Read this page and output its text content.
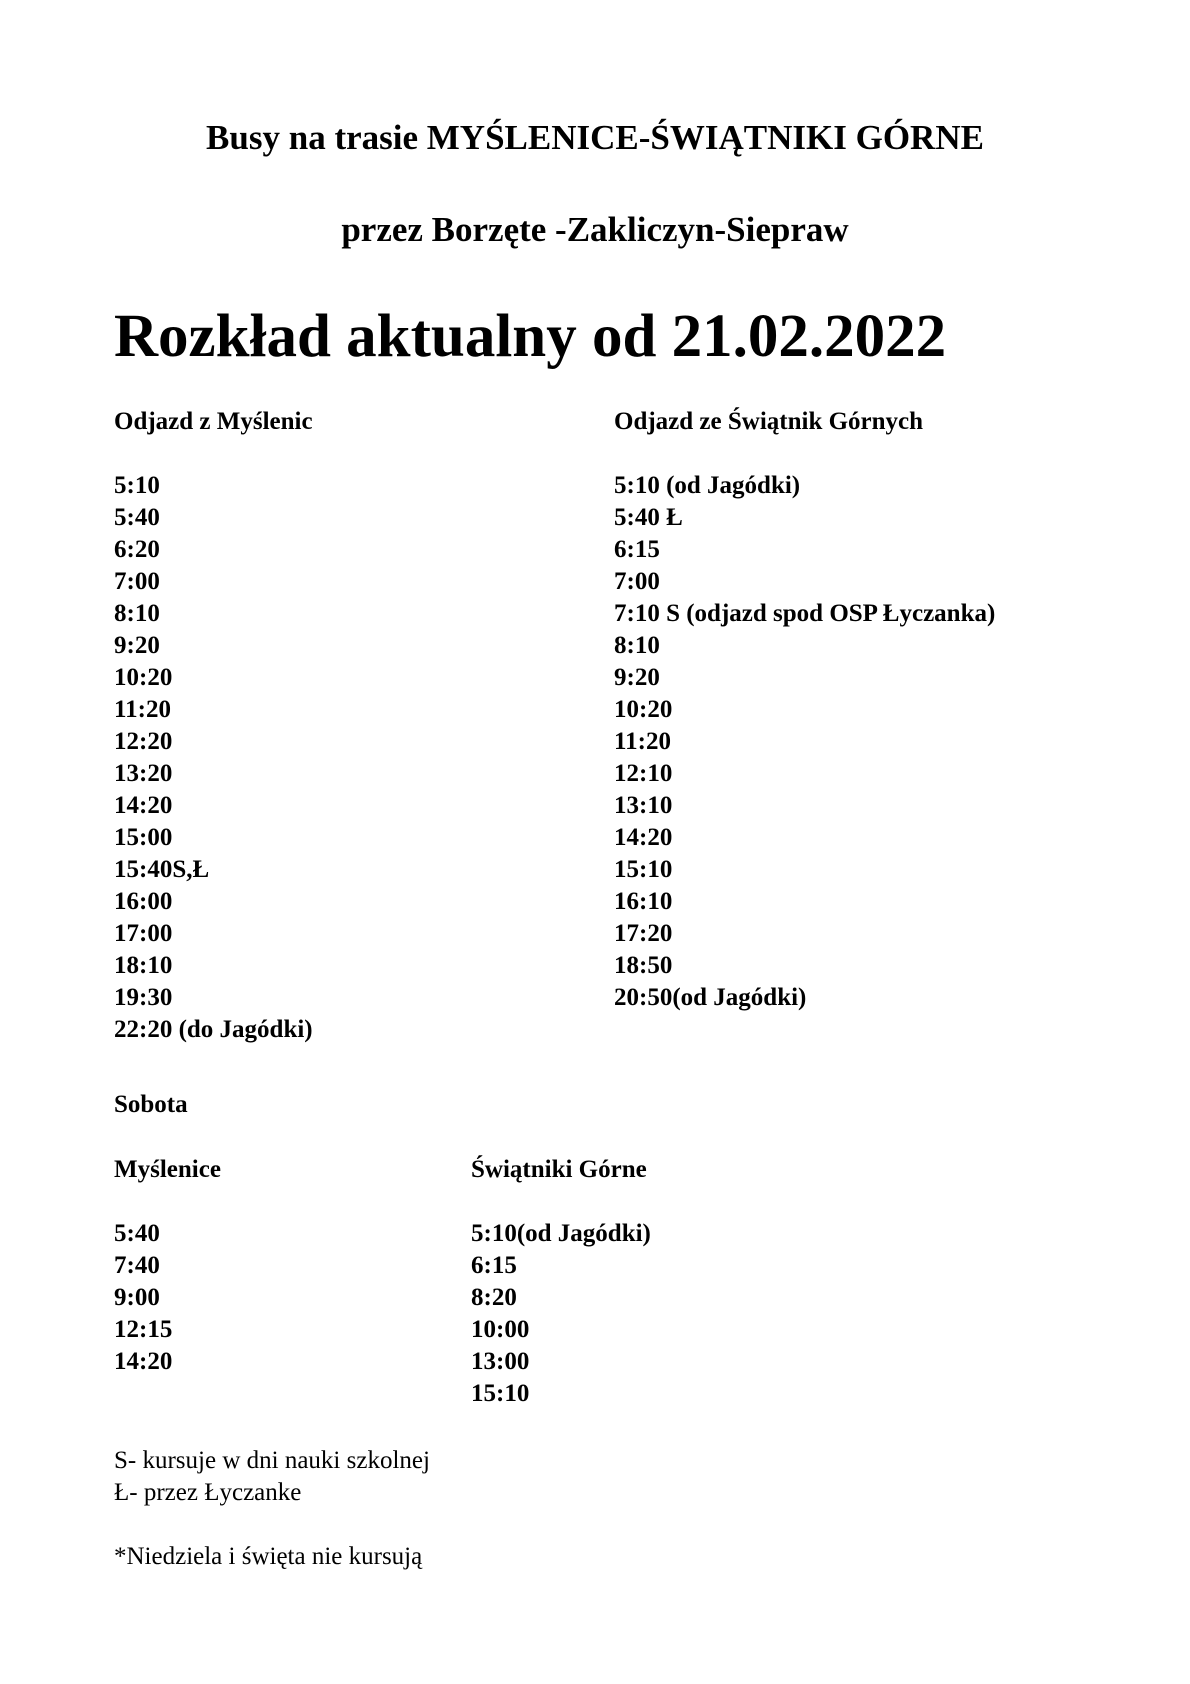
Busy na trasie MYŚLENICE-ŚWIĄTNIKI GÓRNE
przez Borzęte -Zakliczyn-Siepraw
Rozkład aktualny od 21.02.2022
Odjazd z Myślenic	Odjazd ze Świątnik Górnych
5:10
5:40
6:20
7:00
8:10
9:20
10:20
11:20
12:20
13:20
14:20
15:00
15:40S,Ł
16:00
17:00
18:10
19:30
22:20 (do Jagódki)
5:10 (od Jagódki)
5:40 Ł
6:15
7:00
7:10 S (odjazd spod OSP Łyczanka)
8:10
9:20
10:20
11:20
12:10
13:10
14:20
15:10
16:10
17:20
18:50
20:50(od Jagódki)
Sobota
Myślenice	Świątniki Górne
5:40
7:40
9:00
12:15
14:20
5:10(od Jagódki)
6:15
8:20
10:00
13:00
15:10
S- kursuje w dni nauki szkolnej
Ł- przez Łyczanke
*Niedziela i święta nie kursują
